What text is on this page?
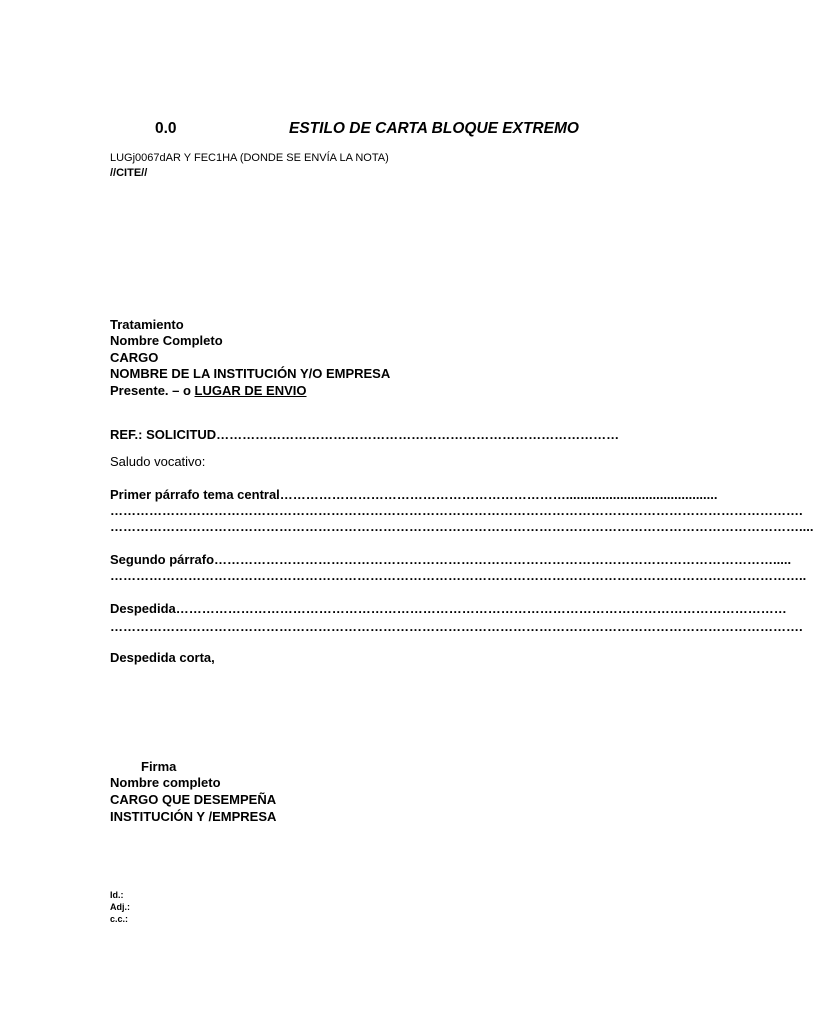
0.0	ESTILO DE CARTA BLOQUE EXTREMO
LUGj0067dAR Y FEC1HA (DONDE SE ENVÍA LA NOTA)
//CITE//
Tratamiento
Nombre Completo
CARGO
NOMBRE DE LA INSTITUCIÓN Y/O EMPRESA
Presente. – o LUGAR DE ENVIO
REF.: SOLICITUD…………………………………………………………………………………
Saludo vocativo:
Primer párrafo tema central…………………………………………………………..........................................
…………………………………………………………………………………………………………………………………………….
……………………………………………………………………………………………………………………………………………....
Segundo párrafo………………………………………………………………………………………………………………….....
……………………………………………………………………………………………………………………………………………..
Despedida……………………………………………………………………………………………………………………………
…………………………………………………………………………………………………………………………………………….
Despedida corta,
Firma
Nombre completo
CARGO QUE DESEMPEÑA
INSTITUCIÓN Y /EMPRESA
Id.:
Adj.:
c.c.:
